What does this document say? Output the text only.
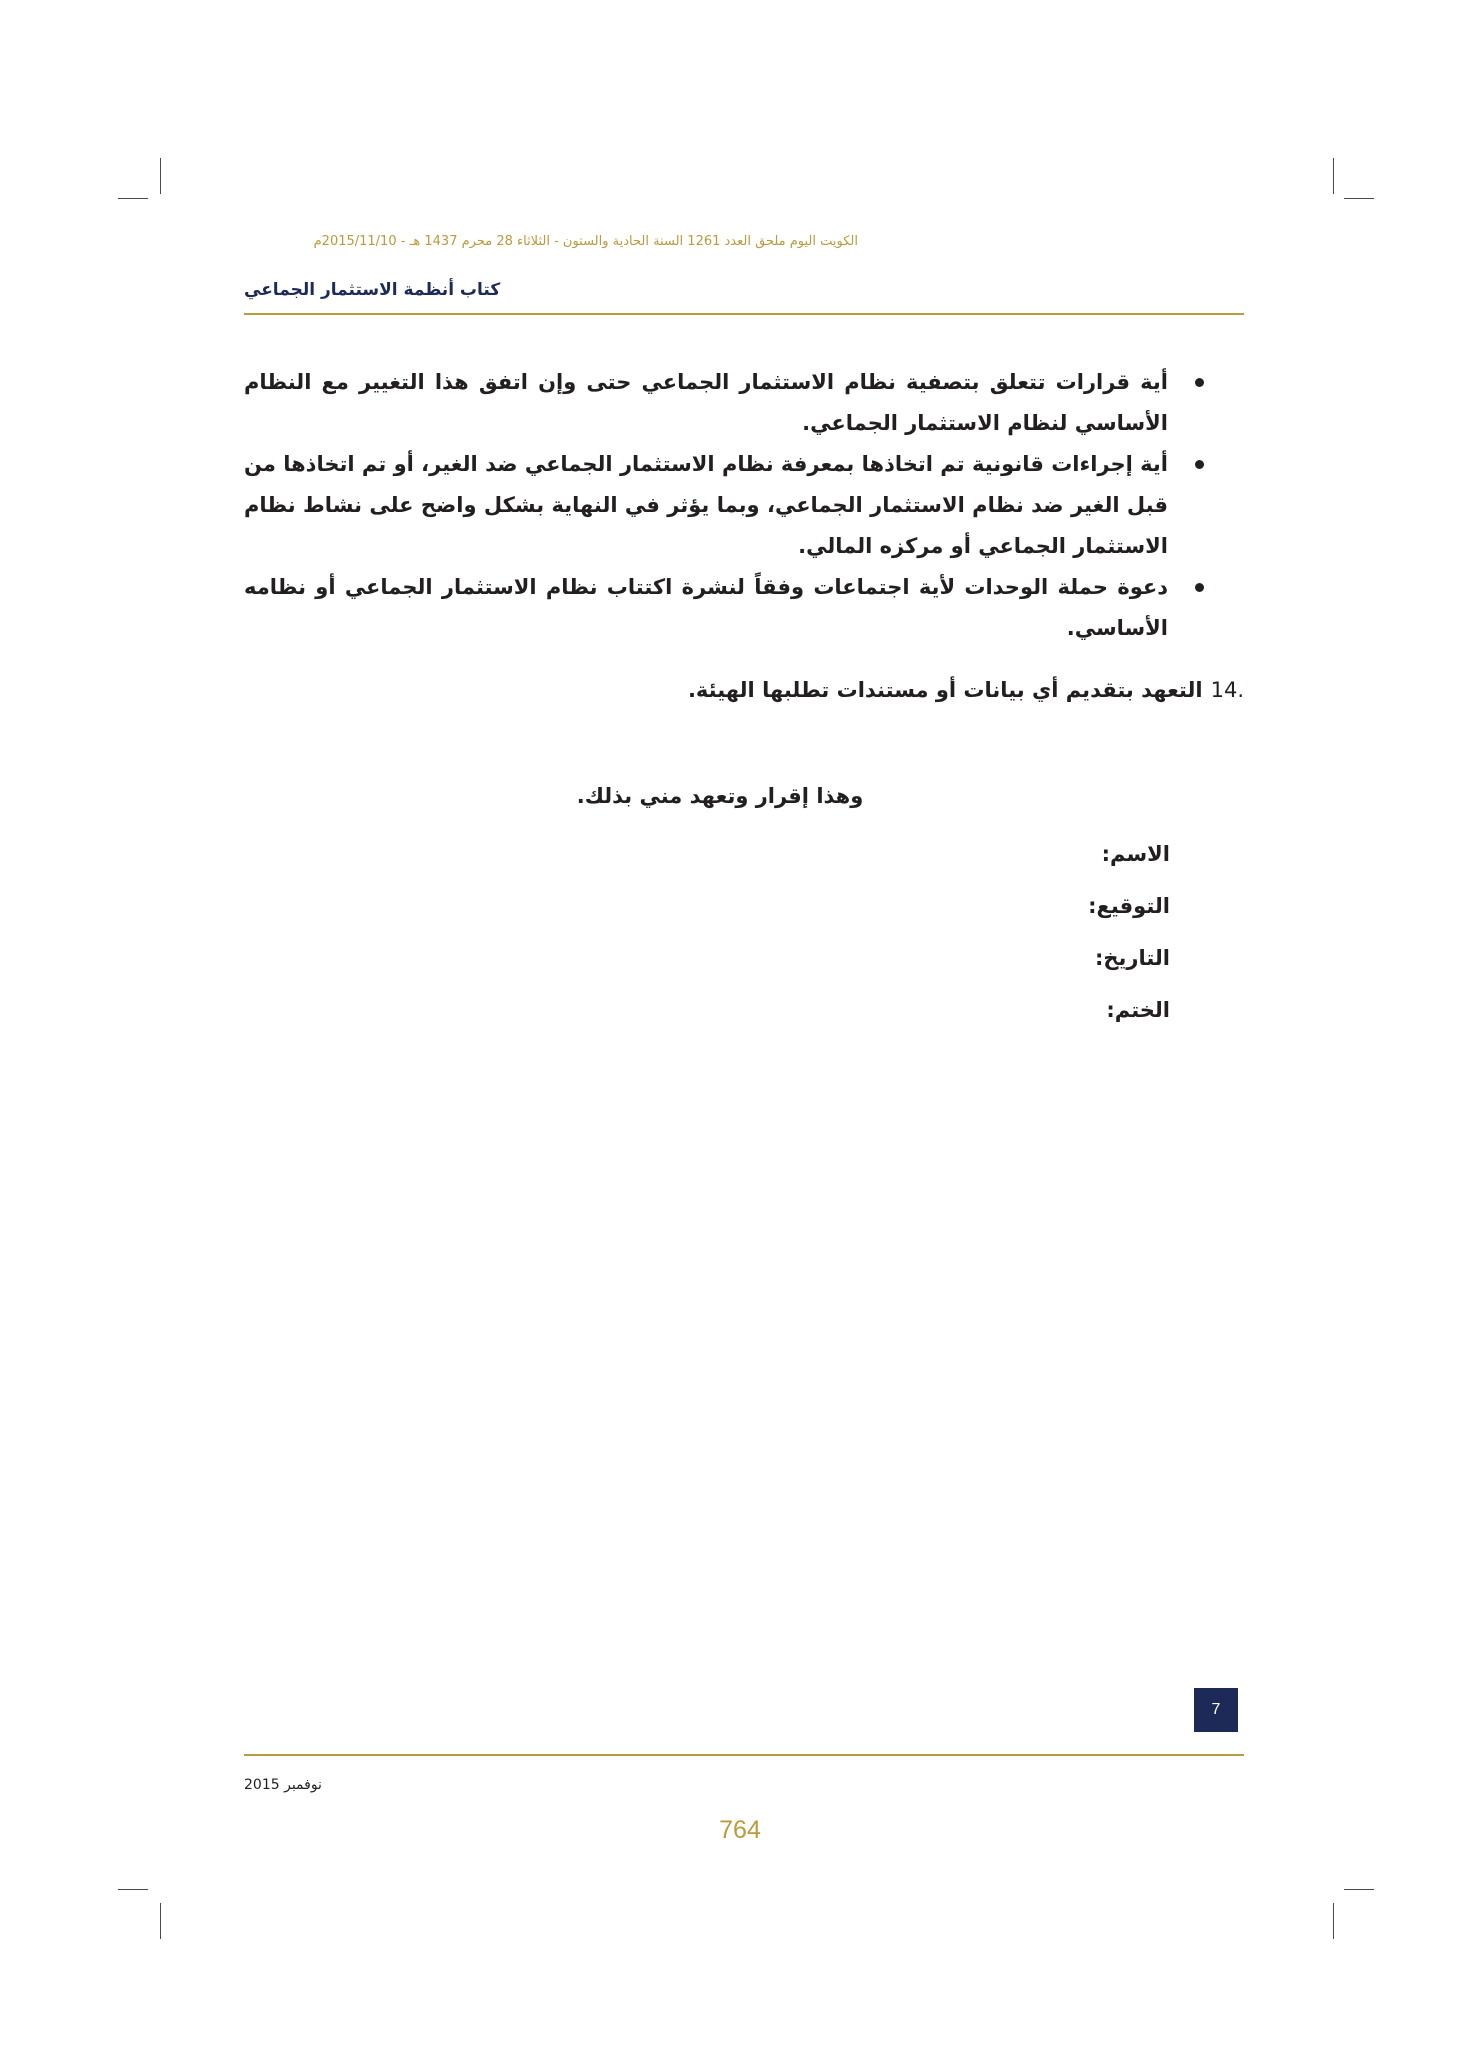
الكويت اليوم ملحق العدد 1261 السنة الحادية والستون - الثلاثاء 28 محرم 1437 هـ - 2015/11/10م
كتاب أنظمة الاستثمار الجماعي
أية قرارات تتعلق بتصفية نظام الاستثمار الجماعي حتى وإن اتفق هذا التغيير مع النظام الأساسي لنظام الاستثمار الجماعي.
أية إجراءات قانونية تم اتخاذها بمعرفة نظام الاستثمار الجماعي ضد الغير، أو تم اتخاذها من قبل الغير ضد نظام الاستثمار الجماعي، وبما يؤثر في النهاية بشكل واضح على نشاط نظام الاستثمار الجماعي أو مركزه المالي.
دعوة حملة الوحدات لأية اجتماعات وفقاً لنشرة اكتتاب نظام الاستثمار الجماعي أو نظامه الأساسي.
14.
التعهد بتقديم أي بيانات أو مستندات تطلبها الهيئة.
وهذا إقرار وتعهد مني بذلك.
الاسم:
التوقيع:
التاريخ:
الختم:
7
نوفمبر 2015
764
